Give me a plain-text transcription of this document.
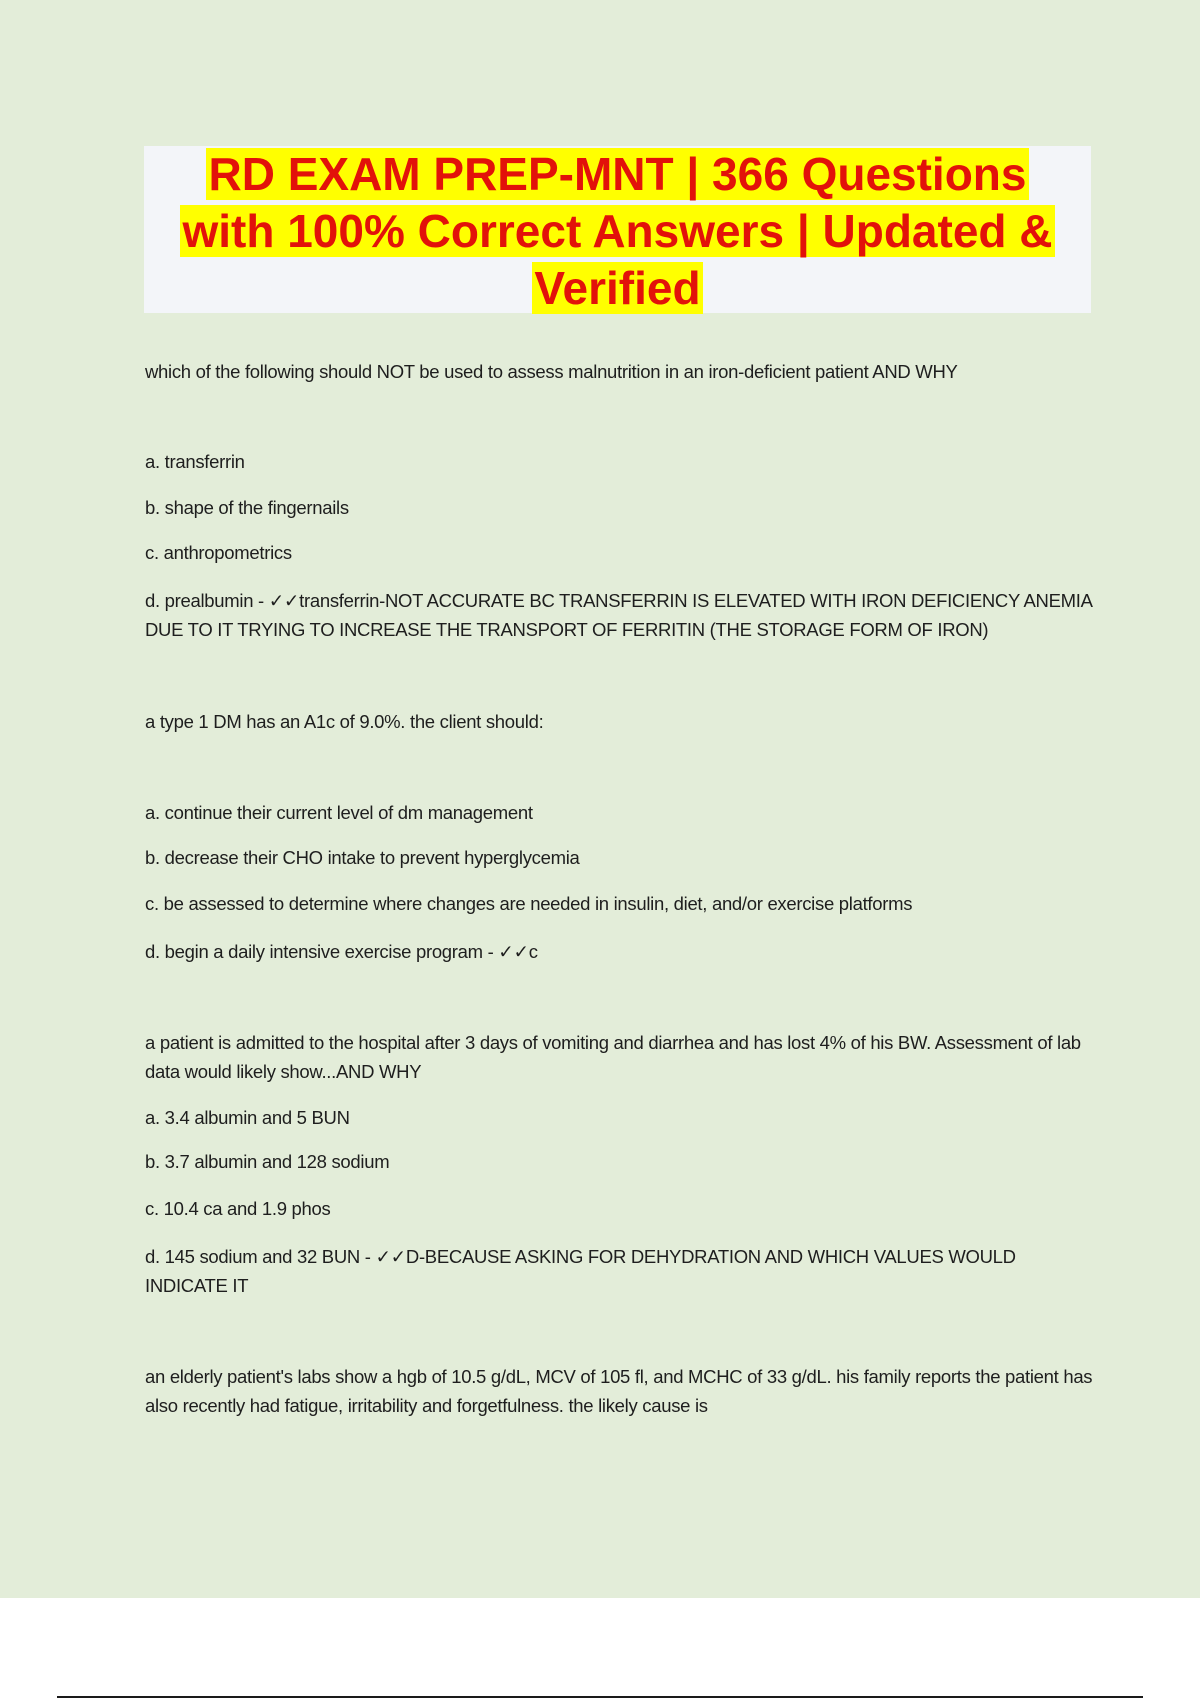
RD EXAM PREP-MNT | 366 Questions
with 100% Correct Answers | Updated &
Verified

which of the following should NOT be used to assess malnutrition in an iron-deficient patient AND WHY
a. transferrin
b. shape of the fingernails
c. anthropometrics
d. prealbumin - ✓✓transferrin-NOT ACCURATE BC TRANSFERRIN IS ELEVATED WITH IRON DEFICIENCY ANEMIA DUE TO IT TRYING TO INCREASE THE TRANSPORT OF FERRITIN (THE STORAGE FORM OF IRON)
a type 1 DM has an A1c of 9.0%. the client should:
a. continue their current level of dm management
b. decrease their CHO intake to prevent hyperglycemia
c. be assessed to determine where changes are needed in insulin, diet, and/or exercise platforms
d. begin a daily intensive exercise program - ✓✓c
a patient is admitted to the hospital after 3 days of vomiting and diarrhea and has lost 4% of his BW. Assessment of lab data would likely show...AND WHY
a. 3.4 albumin and 5 BUN
b. 3.7 albumin and 128 sodium
c. 10.4 ca and 1.9 phos
d. 145 sodium and 32 BUN - ✓✓D-BECAUSE ASKING FOR DEHYDRATION AND WHICH VALUES WOULD INDICATE IT
an elderly patient's labs show a hgb of 10.5 g/dL, MCV of 105 fl, and MCHC of 33 g/dL. his family reports the patient has also recently had fatigue, irritability and forgetfulness. the likely cause is
